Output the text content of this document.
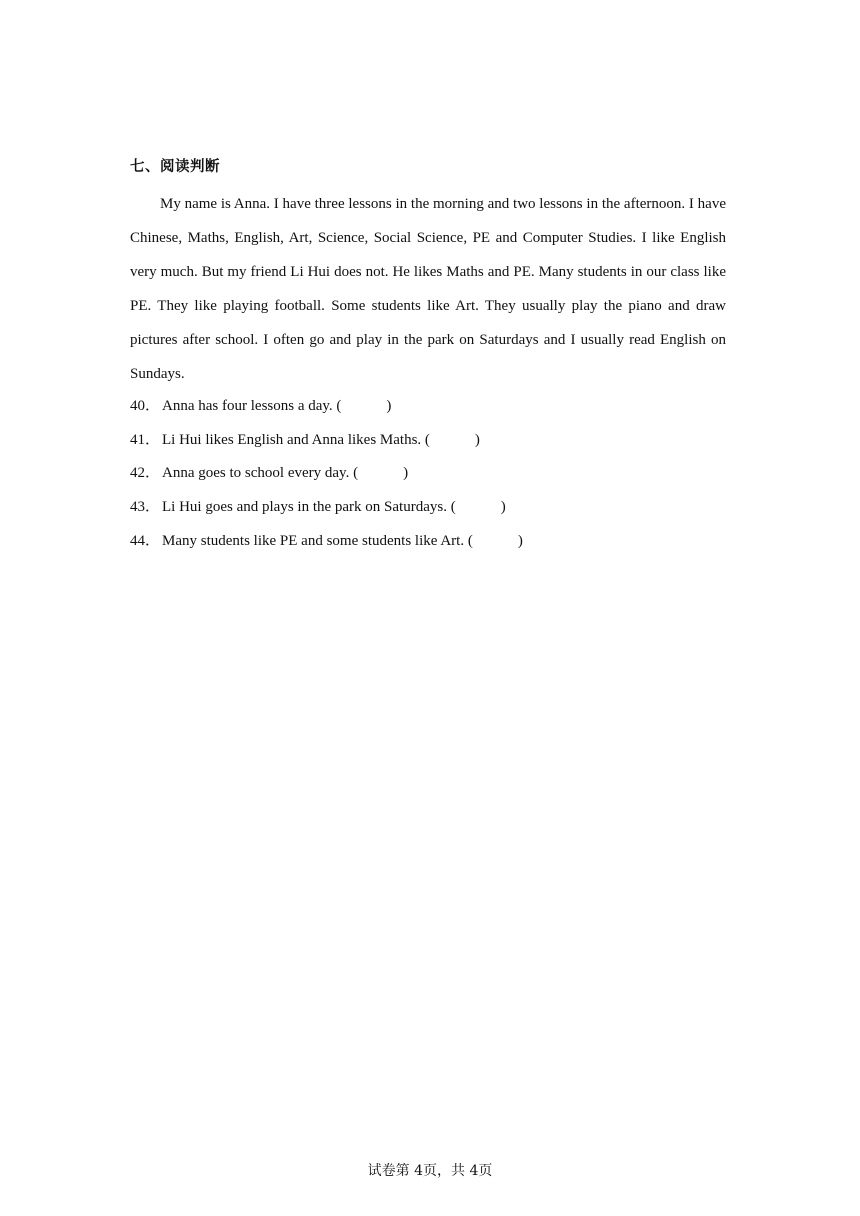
七、阅读判断

My name is Anna. I have three lessons in the morning and two lessons in the afternoon. I have Chinese, Maths, English, Art, Science, Social Science, PE and Computer Studies. I like English very much. But my friend Li Hui does not. He likes Maths and PE. Many students in our class like PE. They like playing football. Some students like Art. They usually play the piano and draw pictures after school. I often go and play in the park on Saturdays and I usually read English on Sundays.

40． Anna has four lessons a day. (            )
41． Li Hui likes English and Anna likes Maths. (            )
42． Anna goes to school every day. (            )
43． Li Hui goes and plays in the park on Saturdays. (            )
44． Many students like PE and some students like Art. (            )
试卷第 4页，共 4页
